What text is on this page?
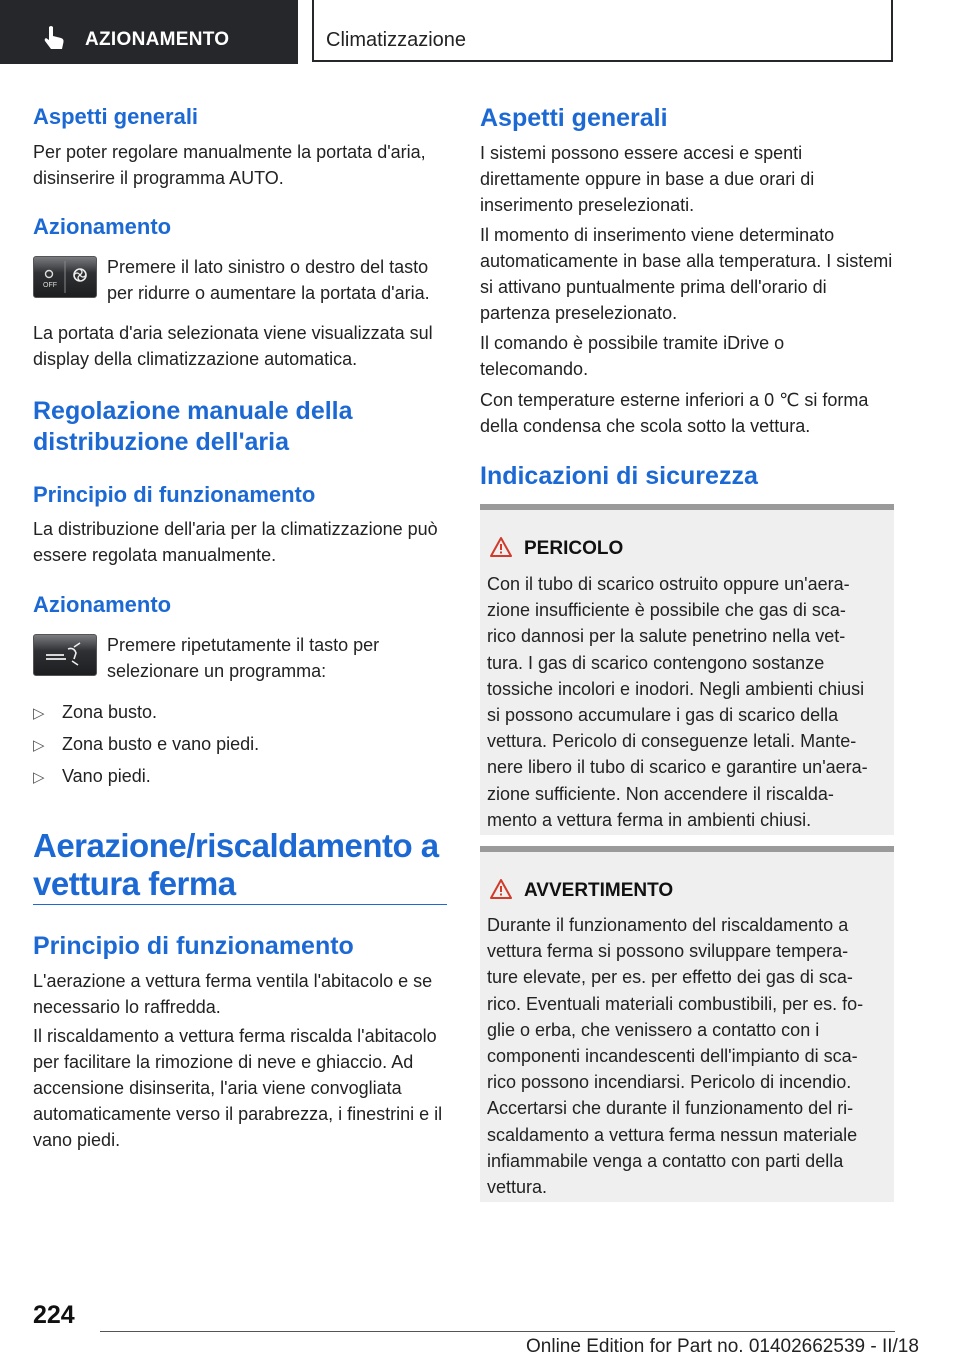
AZIONAMENTO	Climatizzazione
Aspetti generali

Per poter regolare manualmente la portata d'aria, disinserire il programma AUTO.

Azionamento
OFF

Premere il lato sinistro o destro del tasto per ridurre o aumentare la portata d'aria.

La portata d'aria selezionata viene visualizzata sul display della climatizzazione automatica.

Regolazione manuale della distribuzione dell'aria
Principio di funzionamento

La distribuzione dell'aria per la climatizzazione può essere regolata manualmente.

Azionamento

Premere ripetutamente il tasto per selezionare un programma:

▷ Zona busto.
▷ Zona busto e vano piedi.
▷ Vano piedi.
Aerazione/riscaldamento a vettura ferma
Principio di funzionamento

L'aerazione a vettura ferma ventila l'abitacolo e se necessario lo raffredda.

Il riscaldamento a vettura ferma riscalda l'abitacolo per facilitare la rimozione di neve e ghiaccio. Ad accensione disinserita, l'aria viene convogliata automaticamente verso il parabrezza, i finestrini e il vano piedi.

Aspetti generali

I sistemi possono essere accesi e spenti direttamente oppure in base a due orari di inserimento preselezionati.

Il momento di inserimento viene determinato automaticamente in base alla temperatura. I sistemi si attivano puntualmente prima dell'orario di partenza preselezionato.

Il comando è possibile tramite iDrive o telecomando.

Con temperature esterne inferiori a 0 ℃ si forma della condensa che scola sotto la vettura.

Indicazioni di sicurezza
PERICOLO
Con il tubo di scarico ostruito oppure un'aera-
zione insufficiente è possibile che gas di sca-
rico dannosi per la salute penetrino nella vet-
tura. I gas di scarico contengono sostanze
tossiche incolori e inodori. Negli ambienti chiusi
si possono accumulare i gas di scarico della
vettura. Pericolo di conseguenze letali. Mante-
nere libero il tubo di scarico e garantire un'aera-
zione sufficiente. Non accendere il riscalda-
mento a vettura ferma in ambienti chiusi.
AVVERTIMENTO
Durante il funzionamento del riscaldamento a
vettura ferma si possono sviluppare tempera-
ture elevate, per es. per effetto dei gas di sca-
rico. Eventuali materiali combustibili, per es. fo-
glie o erba, che venissero a contatto con i
componenti incandescenti dell'impianto di sca-
rico possono incendiarsi. Pericolo di incendio.
Accertarsi che durante il funzionamento del ri-
scaldamento a vettura ferma nessun materiale
infiammabile venga a contatto con parti della
vettura.
224
Online Edition for Part no. 01402662539 - II/18
